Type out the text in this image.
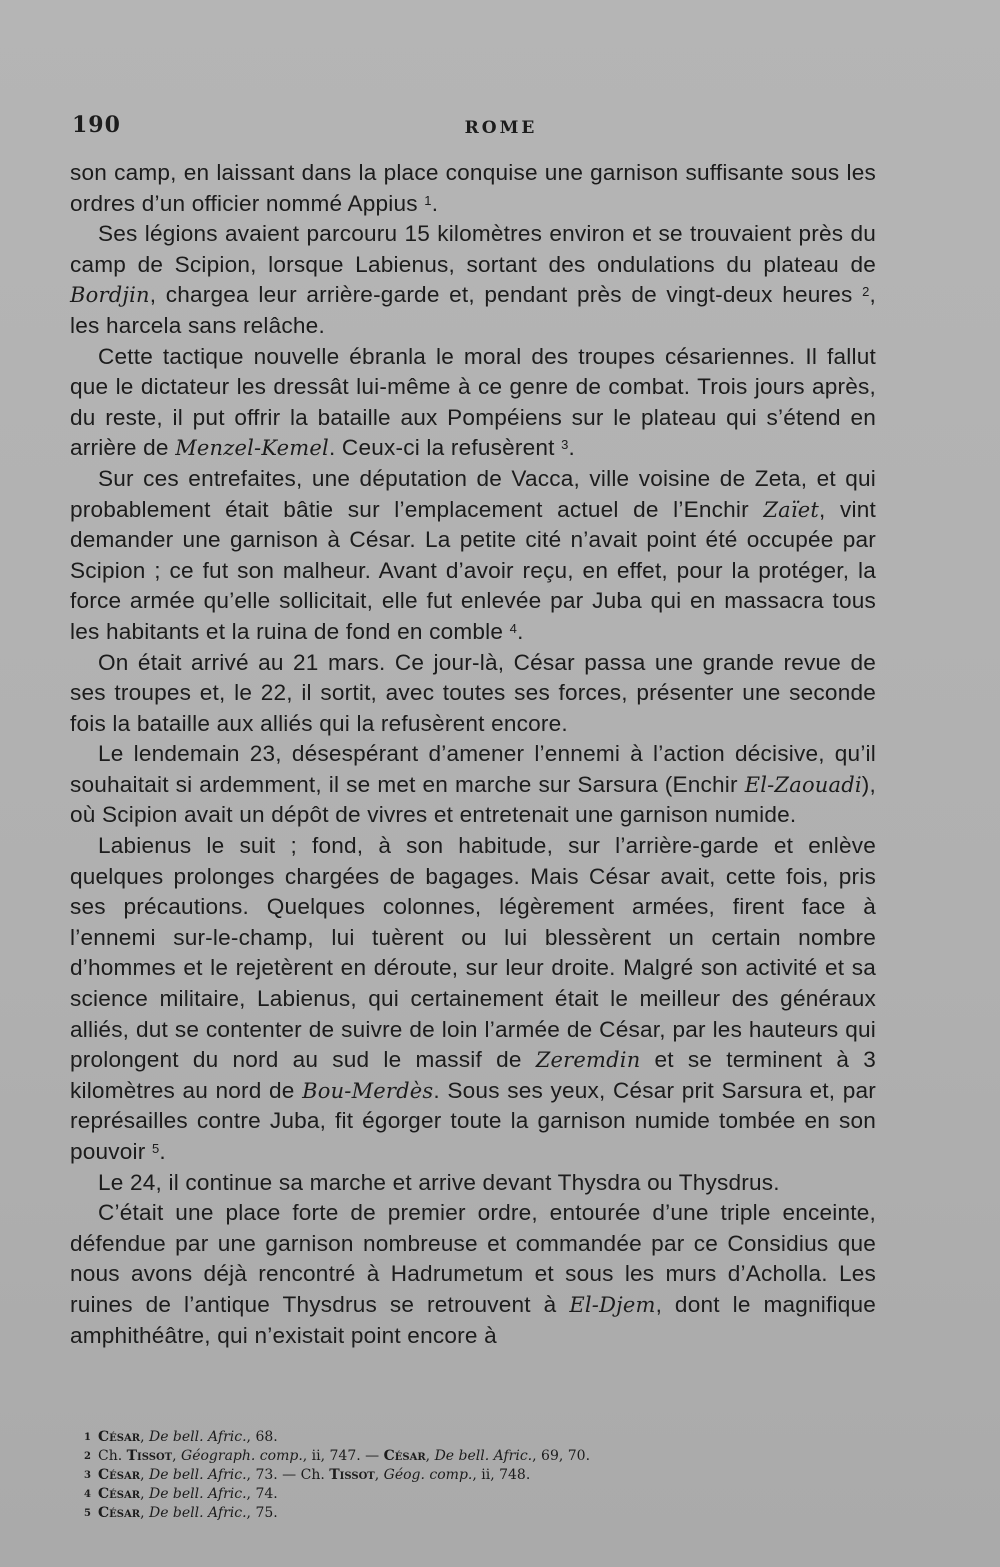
190	ROME

son camp, en laissant dans la place conquise une garnison suffisante sous les ordres d’un officier nommé Appius $^1$.

Ses légions avaient parcouru 15 kilomètres environ et se trouvaient près du camp de Scipion, lorsque Labienus, sortant des ondulations du plateau de Bordjin, chargea leur arrière-garde et, pendant près de vingt-deux heures $^2$, les harcela sans relâche.

Cette tactique nouvelle ébranla le moral des troupes césariennes. Il fallut que le dictateur les dressât lui-même à ce genre de combat. Trois jours après, du reste, il put offrir la bataille aux Pompéiens sur le plateau qui s’étend en arrière de Menzel-Kemel. Ceux-ci la refusèrent $^3$.

Sur ces entrefaites, une députation de Vacca, ville voisine de Zeta, et qui probablement était bâtie sur l’emplacement actuel de l’Enchir Zaïet, vint demander une garnison à César. La petite cité n’avait point été occupée par Scipion ; ce fut son malheur. Avant d’avoir reçu, en effet, pour la protéger, la force armée qu’elle sollicitait, elle fut enlevée par Juba qui en massacra tous les habitants et la ruina de fond en comble $^4$.

On était arrivé au 21 mars. Ce jour-là, César passa une grande revue de ses troupes et, le 22, il sortit, avec toutes ses forces, présenter une seconde fois la bataille aux alliés qui la refusèrent encore.

Le lendemain 23, désespérant d’amener l’ennemi à l’action décisive, qu’il souhaitait si ardemment, il se met en marche sur Sarsura (Enchir El-Zaouadi), où Scipion avait un dépôt de vivres et entretenait une garnison numide.

Labienus le suit ; fond, à son habitude, sur l’arrière-garde et enlève quelques prolonges chargées de bagages. Mais César avait, cette fois, pris ses précautions. Quelques colonnes, légèrement armées, firent face à l’ennemi sur-le-champ, lui tuèrent ou lui blessèrent un certain nombre d’hommes et le rejetèrent en déroute, sur leur droite. Malgré son activité et sa science militaire, Labienus, qui certainement était le meilleur des généraux alliés, dut se contenter de suivre de loin l’armée de César, par les hauteurs qui prolongent du nord au sud le massif de Zeremdin et se terminent à 3 kilomètres au nord de Bou-Merdès. Sous ses yeux, César prit Sarsura et, par représailles contre Juba, fit égorger toute la garnison numide tombée en son pouvoir $^5$.

Le 24, il continue sa marche et arrive devant Thysdra ou Thysdrus.

C’était une place forte de premier ordre, entourée d’une triple enceinte, défendue par une garnison nombreuse et commandée par ce Considius que nous avons déjà rencontré à Hadrumetum et sous les murs d’Acholla. Les ruines de l’antique Thysdrus se retrouvent à El-Djem, dont le magnifique amphithéâtre, qui n’existait point encore à

1 César, De bell. Afric., 68.
2 Ch. Tissot, Géograph. comp., ii, 747. — César, De bell. Afric., 69, 70.
3 César, De bell. Afric., 73. — Ch. Tissot, Géog. comp., ii, 748.
4 César, De bell. Afric., 74.
5 César, De bell. Afric., 75.
